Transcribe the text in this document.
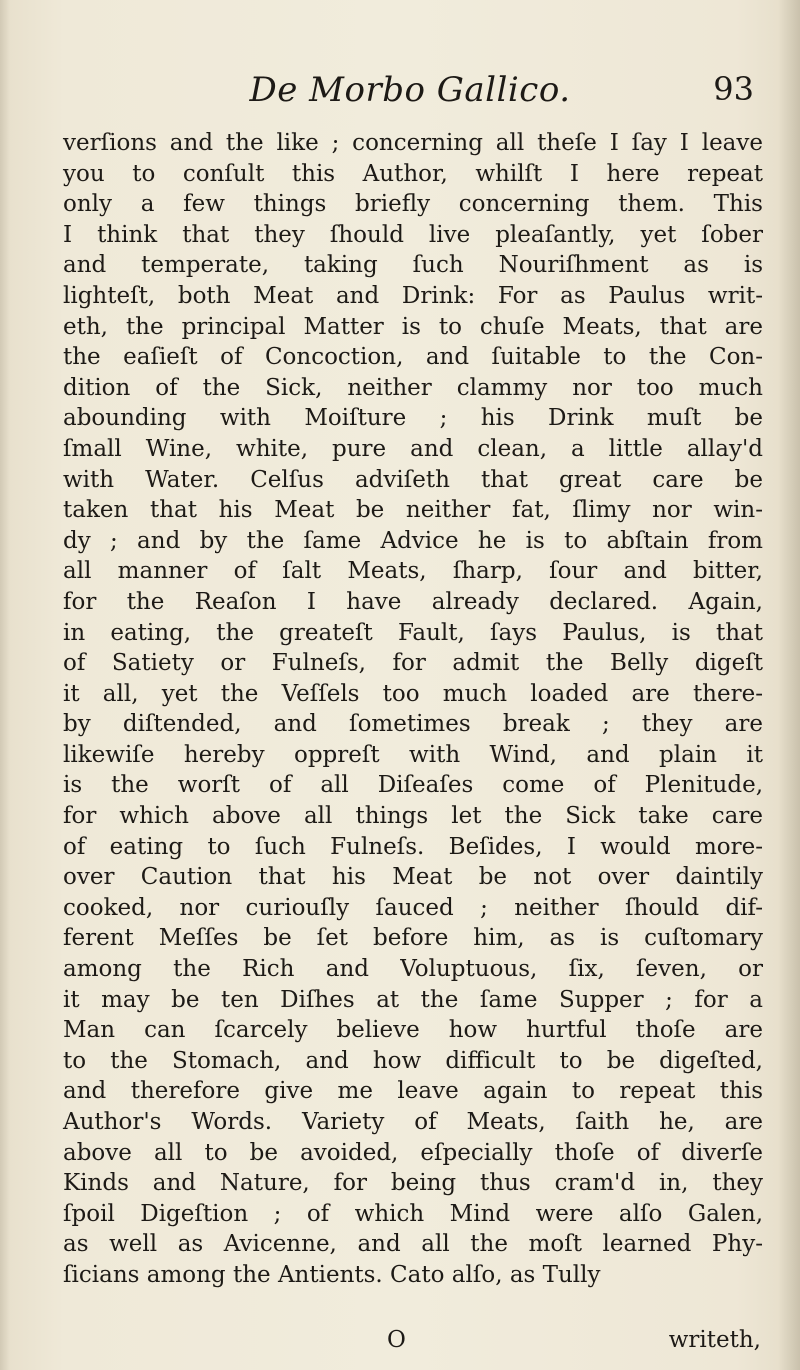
De Morbo Gallico.	93
verſions and the like ; concerning all theſe I ſay I leave
you to conſult this Author, whilſt I here repeat
only a few things briefly concerning them. This
I think that they ſhould live pleaſantly, yet ſober
and temperate, taking ſuch Nouriſhment as is
lighteſt, both Meat and Drink: For as Paulus writ-
eth, the principal Matter is to chuſe Meats, that are
the eaſieſt of Concoction, and ſuitable to the Con-
dition of the Sick, neither clammy nor too much
abounding with Moiſture ; his Drink muſt be
ſmall Wine, white, pure and clean, a little allay'd
with Water. Celſus adviſeth that great care be
taken that his Meat be neither fat, ſlimy nor win-
dy ; and by the ſame Advice he is to abſtain from
all manner of ſalt Meats, ſharp, ſour and bitter,
for the Reaſon I have already declared. Again,
in eating, the greateſt Fault, ſays Paulus, is that
of Satiety or Fulneſs, for admit the Belly digeſt
it all, yet the Veſſels too much loaded are there-
by diſtended, and ſometimes break ; they are
likewiſe hereby oppreſt with Wind, and plain it
is the worſt of all Diſeaſes come of Plenitude,
for which above all things let the Sick take care
of eating to ſuch Fulneſs. Beſides, I would more-
over Caution that his Meat be not over daintily
cooked, nor curiouſly ſauced ; neither ſhould dif-
ferent Meſſes be ſet before him, as is cuſtomary
among the Rich and Voluptuous, ſix, ſeven, or
it may be ten Diſhes at the ſame Supper ; for a
Man can ſcarcely believe how hurtful thoſe are
to the Stomach, and how difficult to be digeſted,
and therefore give me leave again to repeat this
Author's Words. Variety of Meats, ſaith he, are
above all to be avoided, eſpecially thoſe of diverſe
Kinds and Nature, for being thus cram'd in, they
ſpoil Digeſtion ; of which Mind were alſo Galen,
as well as Avicenne, and all the moſt learned Phy-
ſicians among the Antients. Cato alſo, as Tully
O	writeth,
